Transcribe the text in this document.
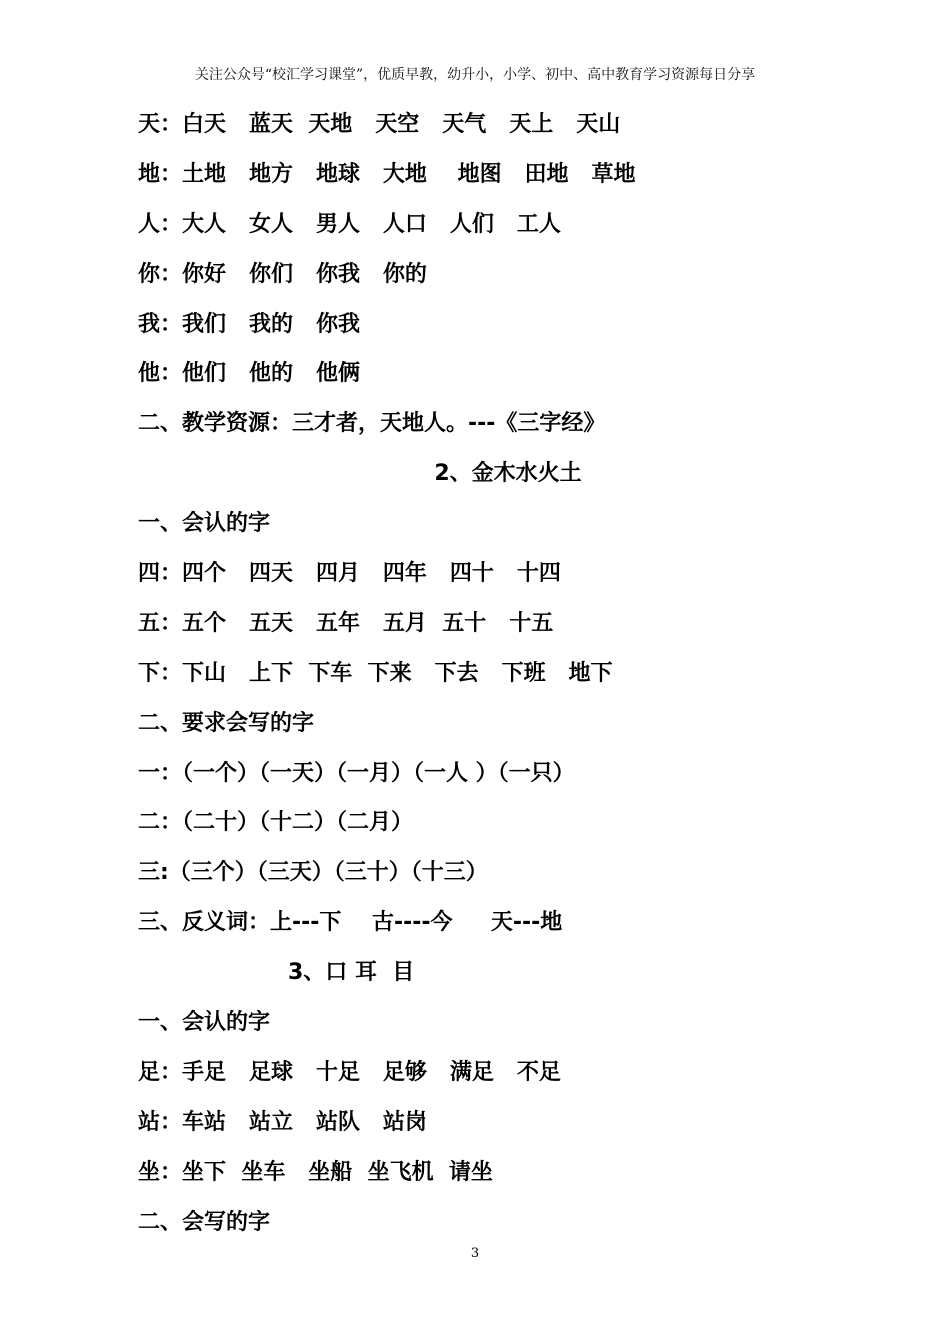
关注公众号“校汇学习课堂”，优质早教，幼升小，小学、初中、高中教育学习资源每日分享
天：白天   蓝天  天地   天空   天气   天上   天山
地：土地   地方   地球   大地    地图   田地   草地
人：大人   女人   男人   人口   人们   工人
你：你好   你们   你我   你的
我：我们   我的   你我
他：他们   他的   他俩
二、教学资源：三才者，天地人。---《三字经》
2、金木水火土
一、会认的字
四：四个   四天   四月   四年   四十   十四
五：五个   五天   五年   五月  五十   十五
下：下山   上下  下车  下来   下去   下班   地下
二、要求会写的字
一：（一个）（一天）（一月）（一人 ）（一只）
二：（二十）（十二）（二月）
三:（三个）（三天）（三十）（十三）
三、反义词：上---下    古----今     天---地
3、口 耳  目
一、会认的字
足：手足   足球   十足   足够   满足   不足
站：车站   站立   站队   站岗
坐：坐下  坐车   坐船  坐飞机  请坐
二、会写的字
3
